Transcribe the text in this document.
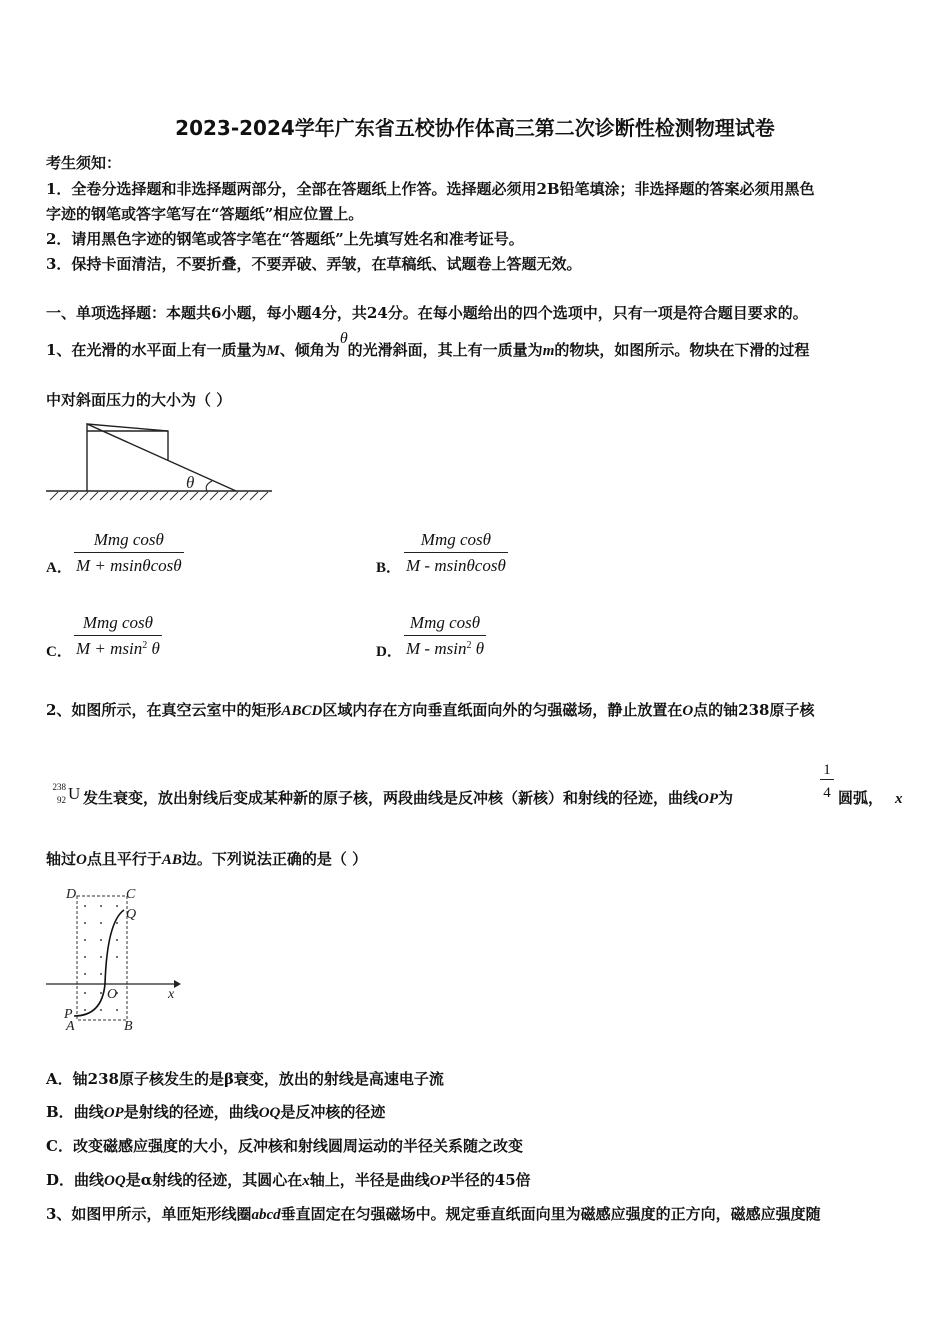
2023-2024学年广东省五校协作体高三第二次诊断性检测物理试卷
考生须知：
1．全卷分选择题和非选择题两部分，全部在答题纸上作答。选择题必须用2B铅笔填涂；非选择题的答案必须用黑色
字迹的钢笔或答字笔写在“答题纸”相应位置上。
2．请用黑色字迹的钢笔或答字笔在“答题纸”上先填写姓名和准考证号。
3．保持卡面清洁，不要折叠，不要弄破、弄皱，在草稿纸、试题卷上答题无效。
一、单项选择题：本题共6小题，每小题4分，共24分。在每小题给出的四个选项中，只有一项是符合题目要求的。
1、在光滑的水平面上有一质量为M、倾角为θ的光滑斜面，其上有一质量为m的物块，如图所示。物块在下滑的过程
中对斜面压力的大小为（ ）
θ
A．
Mmg cosθ
M + msinθcosθ	B．
Mmg cosθ
M - msinθcosθ
C．
Mmg cosθ
M + msin$^2$ θ	D．
Mmg cosθ
M - msin$^2$ θ
2、如图所示，在真空云室中的矩形ABCD区域内存在方向垂直纸面向外的匀强磁场，静止放置在O点的铀238原子核
238
92 U 发生衰变，放出射线后变成某种新的原子核，两段曲线是反冲核（新核）和射线的径迹，曲线OP为	$\frac{1}{4}$ 圆弧， x
轴过O点且平行于AB边。下列说法正确的是（ ）
D	C
Q
O	x
P
A	B
A．铀238原子核发生的是β衰变，放出的射线是高速电子流
B．曲线OP是射线的径迹，曲线OQ是反冲核的径迹
C．改变磁感应强度的大小，反冲核和射线圆周运动的半径关系随之改变
D．曲线OQ是α射线的径迹，其圆心在x轴上，半径是曲线OP半径的45倍
3、如图甲所示，单匝矩形线圈abcd垂直固定在匀强磁场中。规定垂直纸面向里为磁感应强度的正方向，磁感应强度随
